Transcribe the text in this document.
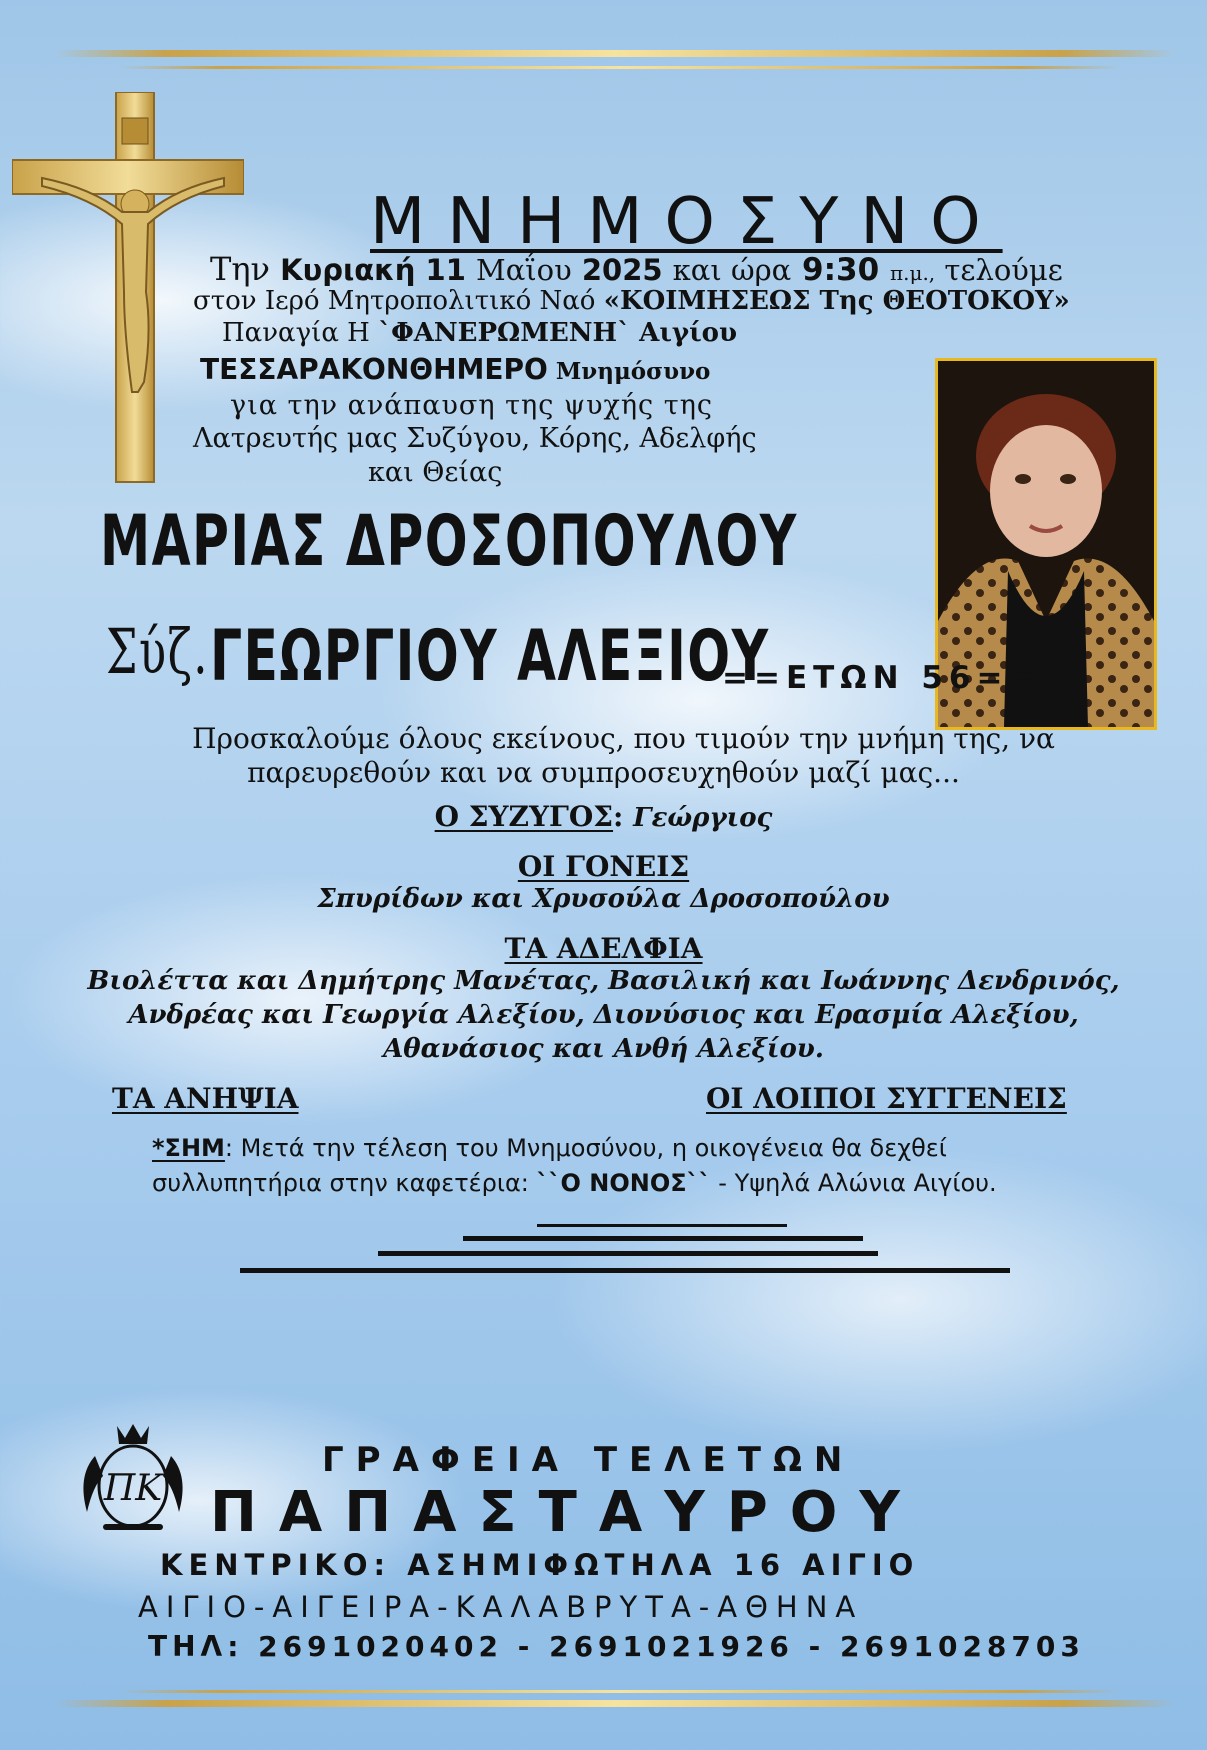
ΜΝΗΜΟΣΥΝΟ
Την Κυριακή 11 Μαΐου 2025 και ώρα 9:30 π.μ., τελούμε
στον Ιερό Μητροπολιτικό Ναό «ΚΟΙΜΗΣΕΩΣ Της ΘΕΟΤΟΚΟΥ»
Παναγία Η `ΦΑΝΕΡΩΜΕΝΗ` Αιγίου
ΤΕΣΣΑΡΑΚΟΝΘΗΜΕΡΟ Μνημόσυνο
για την ανάπαυση της ψυχής της
Λατρευτής μας Συζύγου, Κόρης, Αδελφής
και Θείας
ΜΑΡΙΑΣ ΔΡΟΣΟΠΟΥΛΟΥ
Σύζ. ΓΕΩΡΓΙΟΥ ΑΛΕΞΙΟΥ
==ΕΤΩΝ 56==
Προσκαλούμε όλους εκείνους, που τιμούν την μνήμη της, να
παρευρεθούν και να συμπροσευχηθούν μαζί μας...
Ο ΣΥΖΥΓΟΣ: Γεώργιος
ΟΙ ΓΟΝΕΙΣ
Σπυρίδων και Χρυσούλα Δροσοπούλου
ΤΑ ΑΔΕΛΦΙΑ
Βιολέττα και Δημήτρης Μανέτας, Βασιλική και Ιωάννης Δενδρινός,
Ανδρέας και Γεωργία Αλεξίου, Διονύσιος και Ερασμία Αλεξίου,
Αθανάσιος και Ανθή Αλεξίου.
ΤΑ ΑΝΗΨΙΑ	ΟΙ ΛΟΙΠΟΙ ΣΥΓΓΕΝΕΙΣ
*ΣΗΜ: Μετά την τέλεση του Μνημοσύνου, η οικογένεια θα δεχθεί
συλλυπητήρια στην καφετέρια: ``Ο ΝΟΝΟΣ`` - Υψηλά Αλώνια Αιγίου.
ΠΚ
ΓΡΑΦΕΙΑ ΤΕΛΕΤΩΝ
ΠΑΠΑΣΤΑΥΡΟΥ
ΚΕΝΤΡΙΚΟ: ΑΣΗΜΙΦΩΤΗΛΑ 16 ΑΙΓΙΟ
ΑΙΓΙΟ-ΑΙΓΕΙΡΑ-ΚΑΛΑΒΡΥΤΑ-ΑΘΗΝΑ
ΤΗΛ: 2691020402 - 2691021926 - 2691028703
